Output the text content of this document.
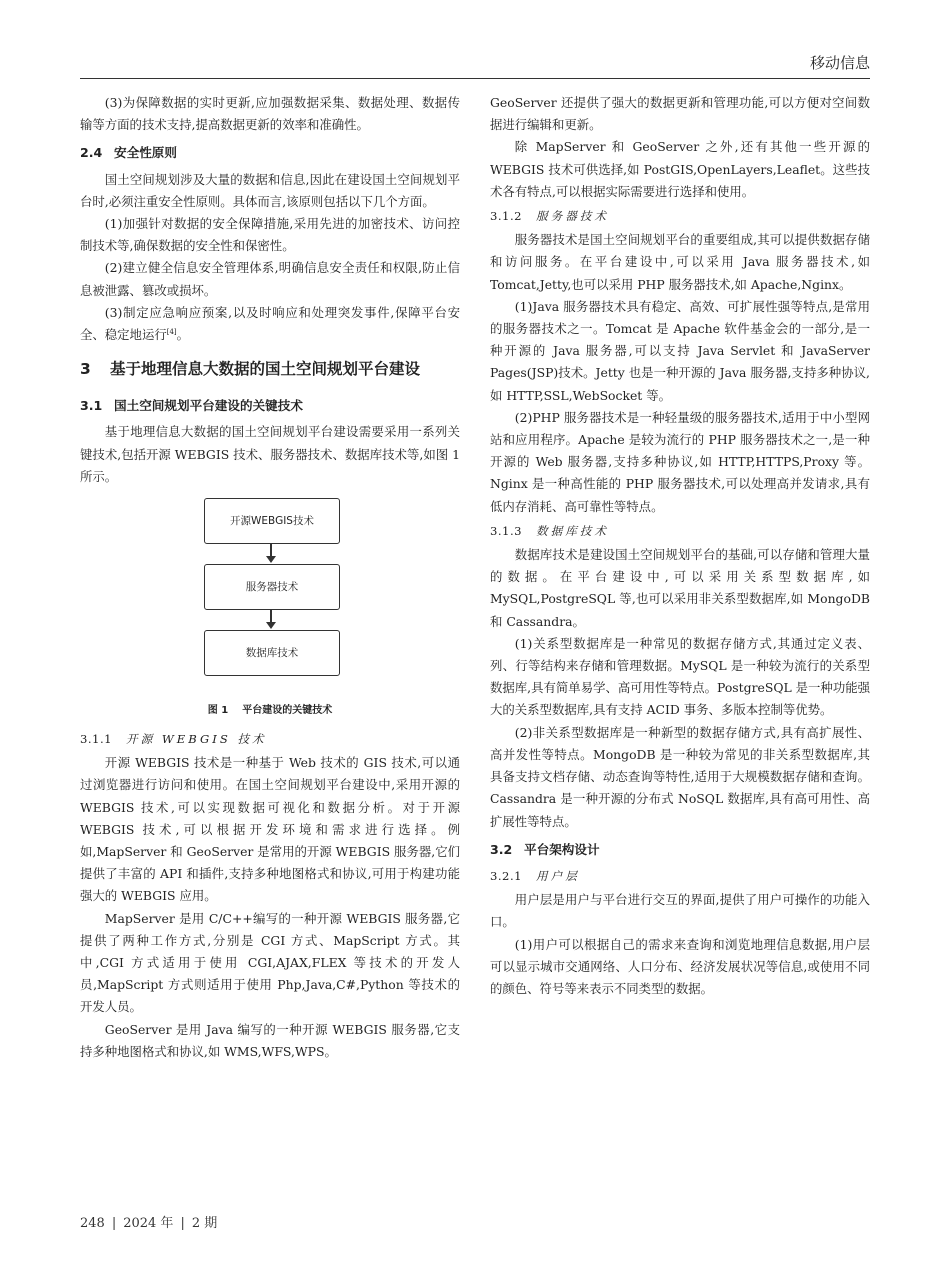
移动信息

(3)为保障数据的实时更新,应加强数据采集、数据处理、数据传输等方面的技术支持,提高数据更新的效率和准确性。

2.4 安全性原则

国土空间规划涉及大量的数据和信息,因此在建设国土空间规划平台时,必须注重安全性原则。具体而言,该原则包括以下几个方面。

(1)加强针对数据的安全保障措施,采用先进的加密技术、访问控制技术等,确保数据的安全性和保密性。

(2)建立健全信息安全管理体系,明确信息安全责任和权限,防止信息被泄露、篡改或损坏。

(3)制定应急响应预案,以及时响应和处理突发事件,保障平台安全、稳定地运行[4]。

3 基于地理信息大数据的国土空间规划平台建设
3.1 国土空间规划平台建设的关键技术

基于地理信息大数据的国土空间规划平台建设需要采用一系列关键技术,包括开源 WEBGIS 技术、服务器技术、数据库技术等,如图 1 所示。

开源WEBGIS技术
服务器技术
数据库技术
图 1 平台建设的关键技术
3.1.1 开源 WEBGIS 技术

开源 WEBGIS 技术是一种基于 Web 技术的 GIS 技术,可以通过浏览器进行访问和使用。在国土空间规划平台建设中,采用开源的 WEBGIS 技术,可以实现数据可视化和数据分析。对于开源 WEBGIS 技术,可以根据开发环境和需求进行选择。例如,MapServer 和 GeoServer 是常用的开源 WEBGIS 服务器,它们提供了丰富的 API 和插件,支持多种地图格式和协议,可用于构建功能强大的 WEBGIS 应用。

MapServer 是用 C/C++编写的一种开源 WEBGIS 服务器,它提供了两种工作方式,分别是 CGI 方式、MapScript 方式。其中,CGI 方式适用于使用 CGI,AJAX,FLEX 等技术的开发人员,MapScript 方式则适用于使用 Php,Java,C#,Python 等技术的开发人员。

GeoServer 是用 Java 编写的一种开源 WEBGIS 服务器,它支持多种地图格式和协议,如 WMS,WFS,WPS。

GeoServer 还提供了强大的数据更新和管理功能,可以方便对空间数据进行编辑和更新。

除 MapServer 和 GeoServer 之外,还有其他一些开源的 WEBGIS 技术可供选择,如 PostGIS,OpenLayers,Leaflet。这些技术各有特点,可以根据实际需要进行选择和使用。

3.1.2 服务器技术

服务器技术是国土空间规划平台的重要组成,其可以提供数据存储和访问服务。在平台建设中,可以采用 Java 服务器技术,如 Tomcat,Jetty,也可以采用 PHP 服务器技术,如 Apache,Nginx。

(1)Java 服务器技术具有稳定、高效、可扩展性强等特点,是常用的服务器技术之一。Tomcat 是 Apache 软件基金会的一部分,是一种开源的 Java 服务器,可以支持 Java Servlet 和 JavaServer Pages(JSP)技术。Jetty 也是一种开源的 Java 服务器,支持多种协议,如 HTTP,SSL,WebSocket 等。

(2)PHP 服务器技术是一种轻量级的服务器技术,适用于中小型网站和应用程序。Apache 是较为流行的 PHP 服务器技术之一,是一种开源的 Web 服务器,支持多种协议,如 HTTP,HTTPS,Proxy 等。Nginx 是一种高性能的 PHP 服务器技术,可以处理高并发请求,具有低内存消耗、高可靠性等特点。

3.1.3 数据库技术

数据库技术是建设国土空间规划平台的基础,可以存储和管理大量的数据。在平台建设中,可以采用关系型数据库,如 MySQL,PostgreSQL 等,也可以采用非关系型数据库,如 MongoDB 和 Cassandra。

(1)关系型数据库是一种常见的数据存储方式,其通过定义表、列、行等结构来存储和管理数据。MySQL 是一种较为流行的关系型数据库,具有简单易学、高可用性等特点。PostgreSQL 是一种功能强大的关系型数据库,具有支持 ACID 事务、多版本控制等优势。

(2)非关系型数据库是一种新型的数据存储方式,具有高扩展性、高并发性等特点。MongoDB 是一种较为常见的非关系型数据库,其具备支持文档存储、动态查询等特性,适用于大规模数据存储和查询。Cassandra 是一种开源的分布式 NoSQL 数据库,具有高可用性、高扩展性等特点。

3.2 平台架构设计
3.2.1 用户层

用户层是用户与平台进行交互的界面,提供了用户可操作的功能入口。

(1)用户可以根据自己的需求来查询和浏览地理信息数据,用户层可以显示城市交通网络、人口分布、经济发展状况等信息,或使用不同的颜色、符号等来表示不同类型的数据。

248 | 2024 年 | 2 期
